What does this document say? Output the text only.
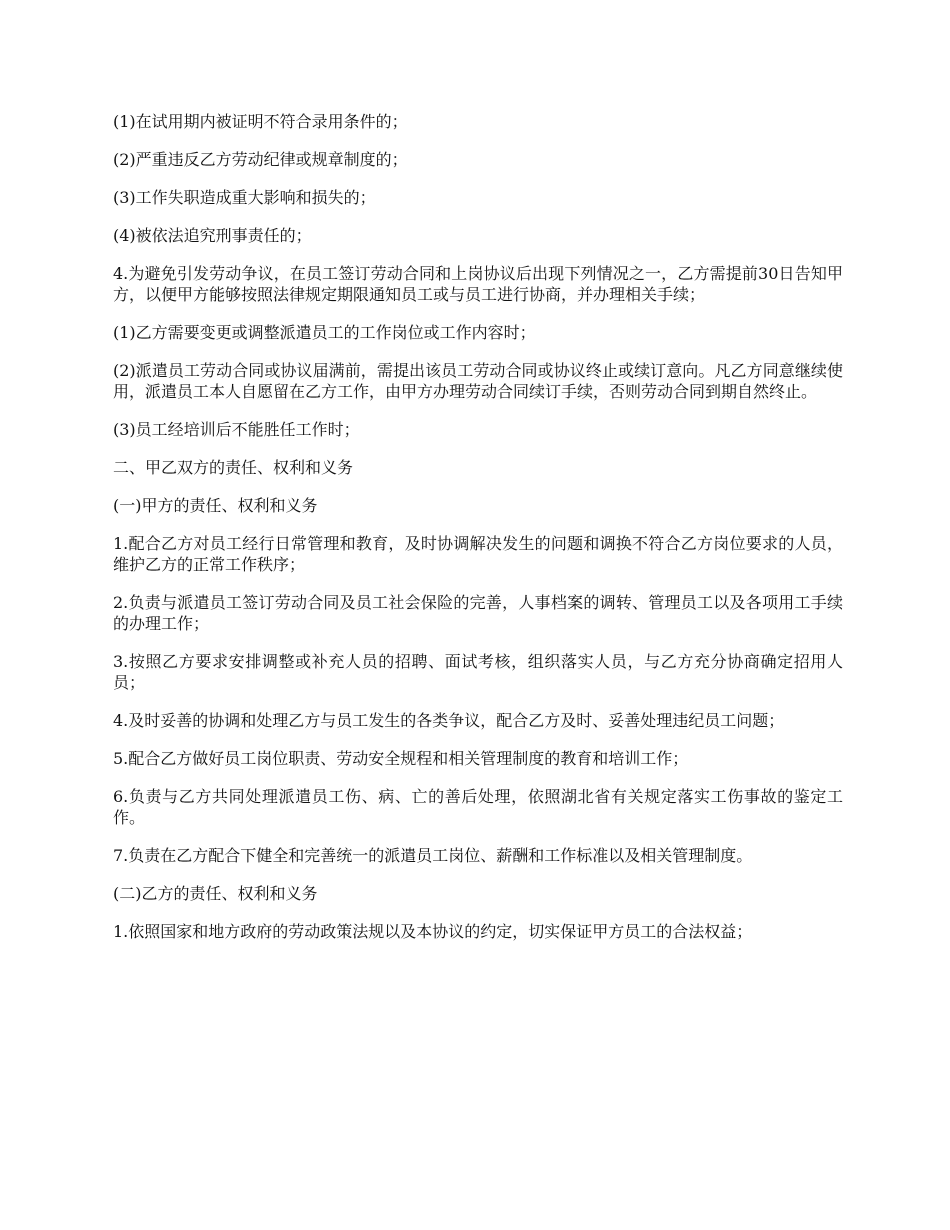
(1)在试用期内被证明不符合录用条件的；

(2)严重违反乙方劳动纪律或规章制度的；

(3)工作失职造成重大影响和损失的；

(4)被依法追究刑事责任的；

4.为避免引发劳动争议，在员工签订劳动合同和上岗协议后出现下列情况之一，乙方需提前30日告知甲方，以便甲方能够按照法律规定期限通知员工或与员工进行协商，并办理相关手续；

(1)乙方需要变更或调整派遣员工的工作岗位或工作内容时；

(2)派遣员工劳动合同或协议届满前，需提出该员工劳动合同或协议终止或续订意向。凡乙方同意继续使用，派遣员工本人自愿留在乙方工作，由甲方办理劳动合同续订手续，否则劳动合同到期自然终止。

(3)员工经培训后不能胜任工作时；

二、甲乙双方的责任、权利和义务

(一)甲方的责任、权利和义务

1.配合乙方对员工经行日常管理和教育，及时协调解决发生的问题和调换不符合乙方岗位要求的人员，维护乙方的正常工作秩序；

2.负责与派遣员工签订劳动合同及员工社会保险的完善，人事档案的调转、管理员工以及各项用工手续的办理工作；

3.按照乙方要求安排调整或补充人员的招聘、面试考核，组织落实人员，与乙方充分协商确定招用人员；

4.及时妥善的协调和处理乙方与员工发生的各类争议，配合乙方及时、妥善处理违纪员工问题；

5.配合乙方做好员工岗位职责、劳动安全规程和相关管理制度的教育和培训工作；

6.负责与乙方共同处理派遣员工伤、病、亡的善后处理，依照湖北省有关规定落实工伤事故的鉴定工作。

7.负责在乙方配合下健全和完善统一的派遣员工岗位、薪酬和工作标准以及相关管理制度。

(二)乙方的责任、权利和义务

1.依照国家和地方政府的劳动政策法规以及本协议的约定，切实保证甲方员工的合法权益；
